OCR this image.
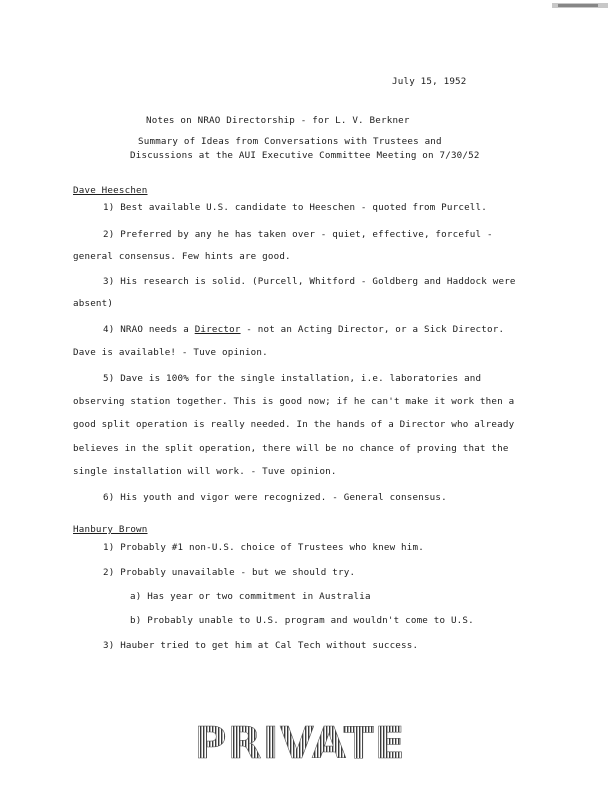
July 15, 1952
Notes on NRAO Directorship - for L. V. Berkner
Summary of Ideas from Conversations with Trustees and
Discussions at the AUI Executive Committee Meeting on 7/30/52
Dave Heeschen
1) Best available U.S. candidate to Heeschen - quoted from Purcell.
2) Preferred by any he has taken over - quiet, effective, forceful -
general consensus. Few hints are good.
3) His research is solid. (Purcell, Whitford - Goldberg and Haddock were
absent)
4) NRAO needs a Director - not an Acting Director, or a Sick Director.
Dave is available! - Tuve opinion.
5) Dave is 100% for the single installation, i.e. laboratories and
observing station together. This is good now; if he can't make it work then a
good split operation is really needed. In the hands of a Director who already
believes in the split operation, there will be no chance of proving that the
single installation will work. - Tuve opinion.
6) His youth and vigor were recognized. - General consensus.
Hanbury Brown
1) Probably #1 non-U.S. choice of Trustees who knew him.
2) Probably unavailable - but we should try.
a) Has year or two commitment in Australia
b) Probably unable to U.S. program and wouldn't come to U.S.
3) Hauber tried to get him at Cal Tech without success.
PRIVATE
